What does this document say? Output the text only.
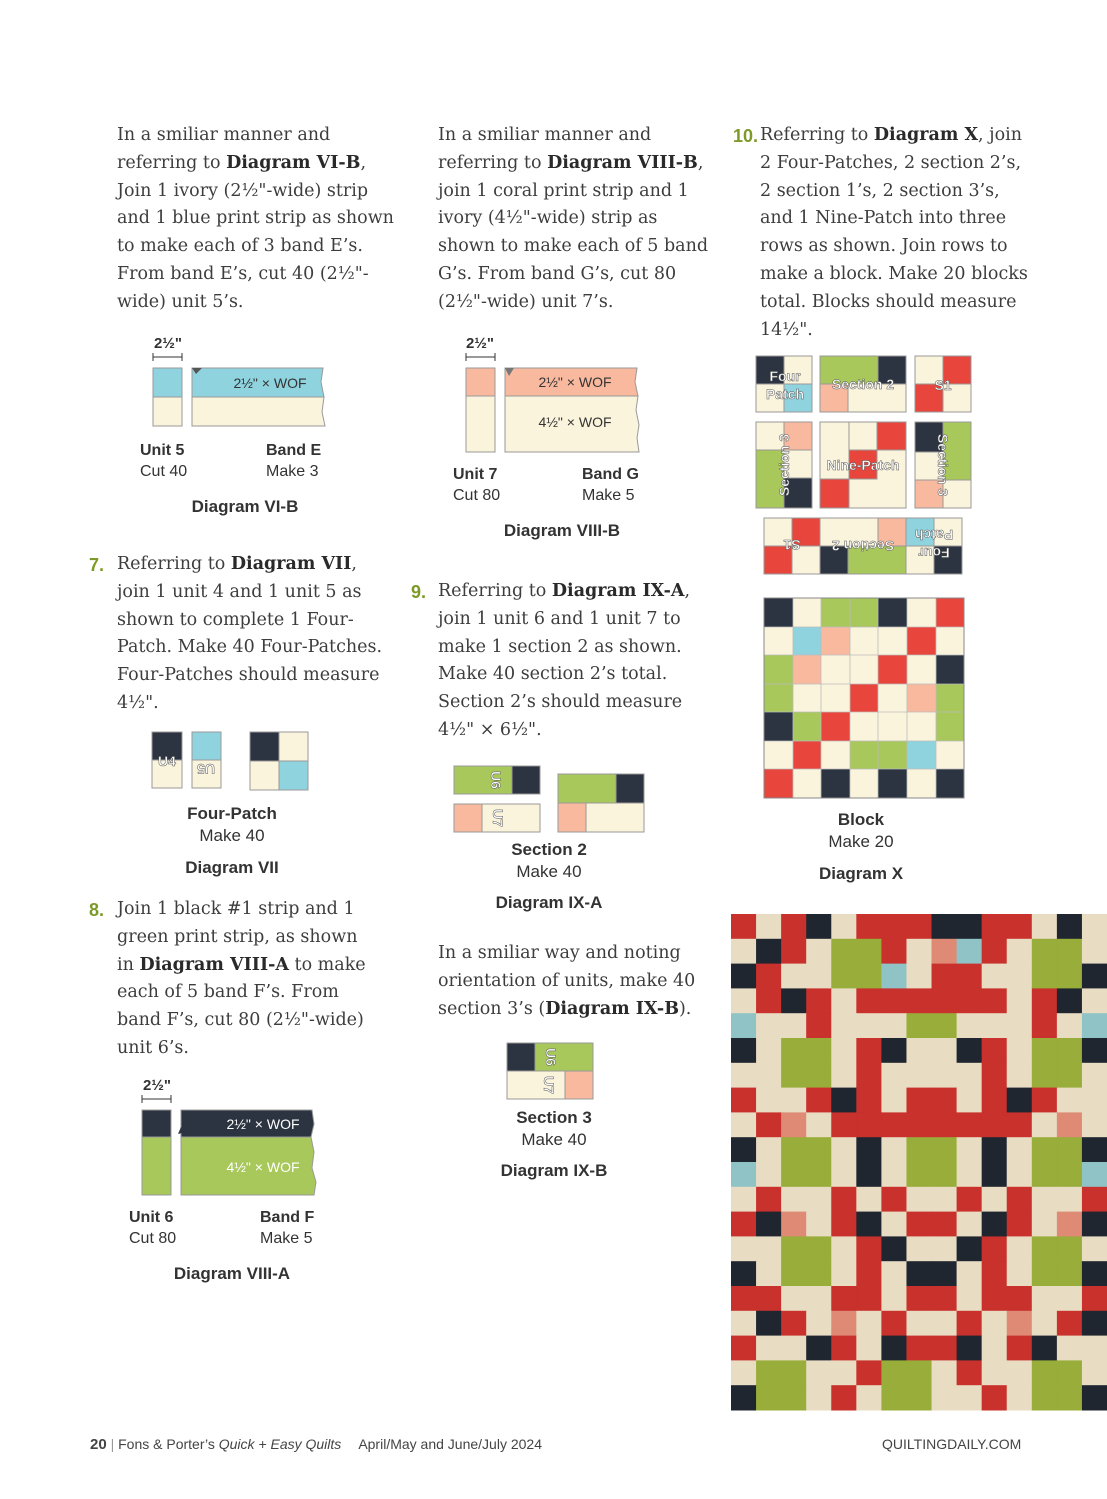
In a smiliar manner and referring to Diagram VI-B, Join 1 ivory (2½"-wide) strip and 1 blue print strip as shown to make each of 3 band E’s. From band E’s, cut 40 (2½"-wide) unit 5’s.
2½"
2½" × WOF
Unit 5
Cut 40
Band E
Make 3
Diagram VI-B
7. Referring to Diagram VII, join 1 unit 4 and 1 unit 5 as shown to complete 1 Four-Patch. Make 40 Four-Patches. Four-Patches should measure 4½".
U4 U5
Four-Patch
Make 40
Diagram VII
8. Join 1 black #1 strip and 1 green print strip, as shown in Diagram VIII-A to make each of 5 band F’s. From band F’s, cut 80 (2½"-wide) unit 6’s.
2½"
2½" × WOF
4½" × WOF
Unit 6
Cut 80
Band F
Make 5
Diagram VIII-A
In a smiliar manner and referring to Diagram VIII-B, join 1 coral print strip and 1 ivory (4½"-wide) strip as shown to make each of 5 band G’s. From band G’s, cut 80 (2½"-wide) unit 7’s.
2½"
2½" × WOF
4½" × WOF
Unit 7
Cut 80
Band G
Make 5
Diagram VIII-B
9. Referring to Diagram IX-A, join 1 unit 6 and 1 unit 7 to make 1 section 2 as shown. Make 40 section 2’s total. Section 2’s should measure 4½" × 6½".
U6
U7
Section 2
Make 40
Diagram IX-A
In a smiliar way and noting orientation of units, make 40 section 3’s (Diagram IX-B).
U6
U7
Section 3
Make 40
Diagram IX-B
10. Referring to Diagram X, join 2 Four-Patches, 2 section 2’s, 2 section 1’s, 2 section 3’s, and 1 Nine-Patch into three rows as shown. Join rows to make a block. Make 20 blocks total. Blocks should measure 14½".
Four
Patch
Section 2	S1
Section 3 Nine-Patch	Section 3
S1 Section 2 Four
Patch
Block
Make 20
Diagram X
20 | Fons & Porter’s Quick + Easy Quilts April/May and June/July 2024	QUILTINGDAILY.COM
